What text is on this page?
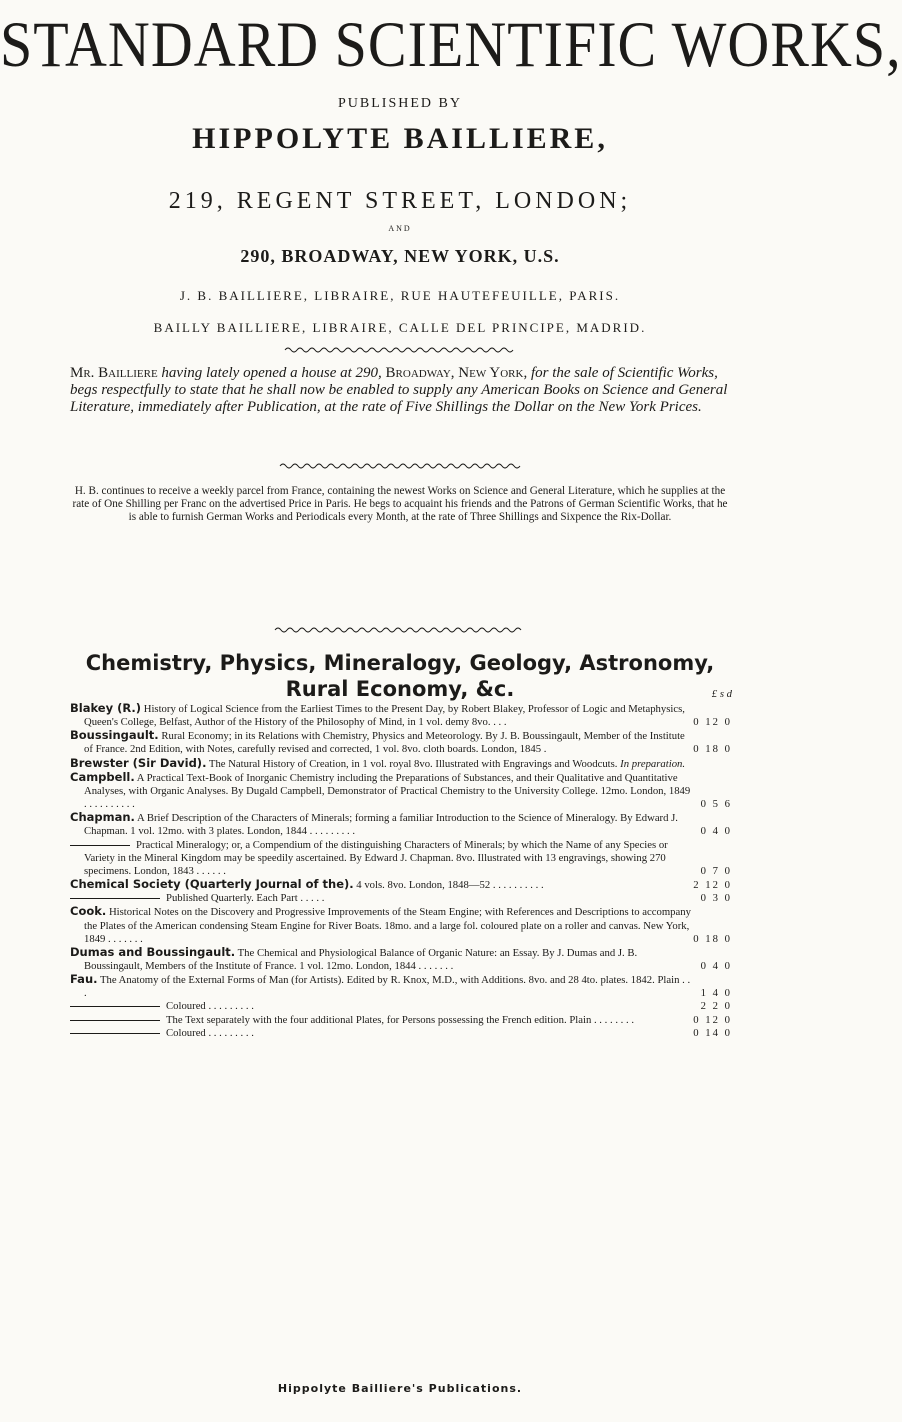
STANDARD SCIENTIFIC WORKS,
PUBLISHED BY
HIPPOLYTE BAILLIERE,
219, REGENT STREET, LONDON;
AND
290, BROADWAY, NEW YORK, U.S.
J. B. BAILLIERE, LIBRAIRE, RUE HAUTEFEUILLE, PARIS.
BAILLY BAILLIERE, LIBRAIRE, CALLE DEL PRINCIPE, MADRID.
Mr. Bailliere having lately opened a house at 290, Broadway, New York, for the sale of Scientific Works, begs respectfully to state that he shall now be enabled to supply any American Books on Science and General Literature, immediately after Publication, at the rate of Five Shillings the Dollar on the New York Prices.
H. B. continues to receive a weekly parcel from France, containing the newest Works on Science and General Literature, which he supplies at the rate of One Shilling per Franc on the advertised Price in Paris. He begs to acquaint his friends and the Patrons of German Scientific Works, that he is able to furnish German Works and Periodicals every Month, at the rate of Three Shillings and Sixpence the Rix-Dollar.
Chemistry, Physics, Mineralogy, Geology, Astronomy,
Rural Economy, &c.	£ s d
Blakey (R.) History of Logical Science from the Earliest Times to the Present Day, by Robert Blakey, Professor of Logic and Metaphysics, Queen's College, Belfast, Author of the History of the Philosophy of Mind, in 1 vol. demy 8vo. . . .	0 12 0
Boussingault. Rural Economy; in its Relations with Chemistry, Physics and Meteorology. By J. B. Boussingault, Member of the Institute of France. 2nd Edition, with Notes, carefully revised and corrected, 1 vol. 8vo. cloth boards. London, 1845 .	0 18 0
Brewster (Sir David). The Natural History of Creation, in 1 vol. royal 8vo. Illustrated with Engravings and Woodcuts. In preparation.
Campbell. A Practical Text-Book of Inorganic Chemistry including the Preparations of Substances, and their Qualitative and Quantitative Analyses, with Organic Analyses. By Dugald Campbell, Demonstrator of Practical Chemistry to the University College. 12mo. London, 1849 . . . . . . . . . .	0 5 6
Chapman. A Brief Description of the Characters of Minerals; forming a familiar Introduction to the Science of Mineralogy. By Edward J. Chapman. 1 vol. 12mo. with 3 plates. London, 1844 . . . . . . . . .	0 4 0
Practical Mineralogy; or, a Compendium of the distinguishing Characters of Minerals; by which the Name of any Species or Variety in the Mineral Kingdom may be speedily ascertained. By Edward J. Chapman. 8vo. Illustrated with 13 engravings, showing 270 specimens. London, 1843 . . . . . .	0 7 0
Chemical Society (Quarterly Journal of the). 4 vols. 8vo. London, 1848—52 . . . . . . . . . .	2 12 0
Published Quarterly. Each Part . . . . .	0 3 0
Cook. Historical Notes on the Discovery and Progressive Improvements of the Steam Engine; with References and Descriptions to accompany the Plates of the American condensing Steam Engine for River Boats. 18mo. and a large fol. coloured plate on a roller and canvas. New York, 1849 . . . . . . .	0 18 0
Dumas and Boussingault. The Chemical and Physiological Balance of Organic Nature: an Essay. By J. Dumas and J. B. Boussingault, Members of the Institute of France. 1 vol. 12mo. London, 1844 . . . . . . .	0 4 0
Fau. The Anatomy of the External Forms of Man (for Artists). Edited by R. Knox, M.D., with Additions. 8vo. and 28 4to. plates. 1842. Plain . . .	1 4 0
Coloured . . . . . . . . .	2 2 0
The Text separately with the four additional Plates, for Persons possessing the French edition. Plain . . . . . . . .	0 12 0
Coloured . . . . . . . . .	0 14 0
Hippolyte Bailliere's Publications.
